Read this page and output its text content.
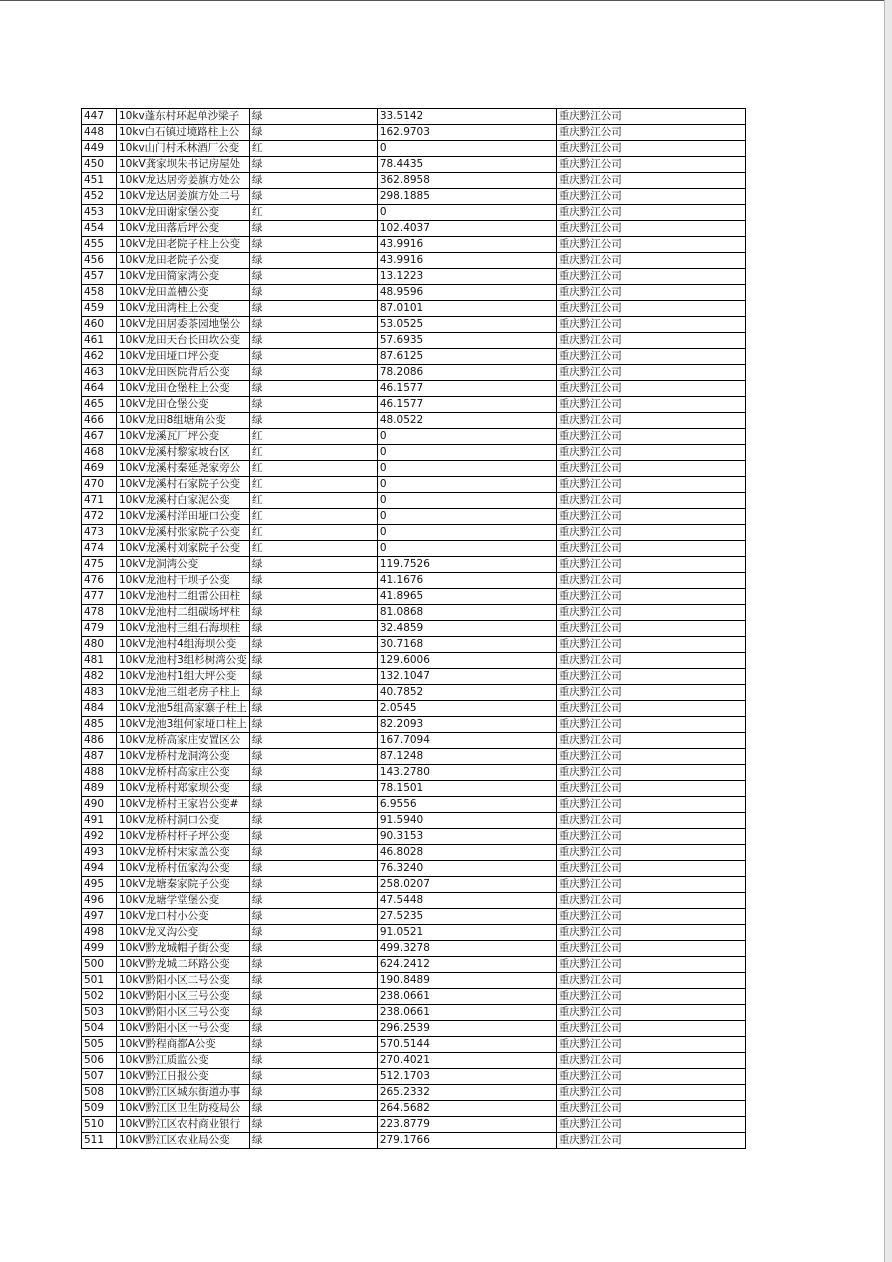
447	10kv蓬东村环起单沙梁子	绿	33.5142	重庆黔江公司
448	10kv白石镇过境路柱上公	绿	162.9703	重庆黔江公司
449	10kv山门村禾林酒厂公变	红	0	重庆黔江公司
450	10kV龚家坝朱书记房屋处	绿	78.4435	重庆黔江公司
451	10kV龙达居旁姜旗方处公	绿	362.8958	重庆黔江公司
452	10kV龙达居姜旗方处二号	绿	298.1885	重庆黔江公司
453	10kV龙田谢家堡公变	红	0	重庆黔江公司
454	10kV龙田落后坪公变	绿	102.4037	重庆黔江公司
455	10kV龙田老院子柱上公变	绿	43.9916	重庆黔江公司
456	10kV龙田老院子公变	绿	43.9916	重庆黔江公司
457	10kV龙田简家湾公变	绿	13.1223	重庆黔江公司
458	10kV龙田盖槽公变	绿	48.9596	重庆黔江公司
459	10kV龙田湾柱上公变	绿	87.0101	重庆黔江公司
460	10kV龙田居委茶园地堡公	绿	53.0525	重庆黔江公司
461	10kV龙田天台长田坎公变	绿	57.6935	重庆黔江公司
462	10kV龙田垭口坪公变	绿	87.6125	重庆黔江公司
463	10kV龙田医院背后公变	绿	78.2086	重庆黔江公司
464	10kV龙田仓堡柱上公变	绿	46.1577	重庆黔江公司
465	10kV龙田仓堡公变	绿	46.1577	重庆黔江公司
466	10kV龙田8组塘角公变	绿	48.0522	重庆黔江公司
467	10kV龙溪瓦厂坪公变	红	0	重庆黔江公司
468	10kV龙溪村黎家坡台区	红	0	重庆黔江公司
469	10kV龙溪村秦延尧家旁公	红	0	重庆黔江公司
470	10kV龙溪村石家院子公变	红	0	重庆黔江公司
471	10kV龙溪村白家泥公变	红	0	重庆黔江公司
472	10kV龙溪村洋田垭口公变	红	0	重庆黔江公司
473	10kV龙溪村张家院子公变	红	0	重庆黔江公司
474	10kV龙溪村刘家院子公变	红	0	重庆黔江公司
475	10kV龙洞湾公变	绿	119.7526	重庆黔江公司
476	10kV龙池村干坝子公变	绿	41.1676	重庆黔江公司
477	10kV龙池村二组雷公田柱	绿	41.8965	重庆黔江公司
478	10kV龙池村二组碳场坪柱	绿	81.0868	重庆黔江公司
479	10kV龙池村三组石海坝柱	绿	32.4859	重庆黔江公司
480	10kV龙池村4组海坝公变	绿	30.7168	重庆黔江公司
481	10kV龙池村3组杉树湾公变	绿	129.6006	重庆黔江公司
482	10kV龙池村1组大坪公变	绿	132.1047	重庆黔江公司
483	10kV龙池三组老房子柱上	绿	40.7852	重庆黔江公司
484	10kV龙池5组高家寨子柱上	绿	2.0545	重庆黔江公司
485	10kV龙池3组何家垭口柱上	绿	82.2093	重庆黔江公司
486	10kV龙桥高家庄安置区公	绿	167.7094	重庆黔江公司
487	10kV龙桥村龙洞湾公变	绿	87.1248	重庆黔江公司
488	10kV龙桥村高家庄公变	绿	143.2780	重庆黔江公司
489	10kV龙桥村郑家坝公变	绿	78.1501	重庆黔江公司
490	10kV龙桥村王家岩公变#	绿	6.9556	重庆黔江公司
491	10kV龙桥村洞口公变	绿	91.5940	重庆黔江公司
492	10kV龙桥村杆子坪公变	绿	90.3153	重庆黔江公司
493	10kV龙桥村宋家盖公变	绿	46.8028	重庆黔江公司
494	10kV龙桥村伍家沟公变	绿	76.3240	重庆黔江公司
495	10kV龙塘秦家院子公变	绿	258.0207	重庆黔江公司
496	10kV龙塘学堂堡公变	绿	47.5448	重庆黔江公司
497	10kV龙口村小公变	绿	27.5235	重庆黔江公司
498	10kV龙叉沟公变	绿	91.0521	重庆黔江公司
499	10kV黔龙城帽子街公变	绿	499.3278	重庆黔江公司
500	10kV黔龙城二环路公变	绿	624.2412	重庆黔江公司
501	10kV黔阳小区二号公变	绿	190.8489	重庆黔江公司
502	10kV黔阳小区三号公变	绿	238.0661	重庆黔江公司
503	10kV黔阳小区三号公变	绿	238.0661	重庆黔江公司
504	10kV黔阳小区一号公变	绿	296.2539	重庆黔江公司
505	10kV黔程商都A公变	绿	570.5144	重庆黔江公司
506	10kV黔江质监公变	绿	270.4021	重庆黔江公司
507	10kV黔江日报公变	绿	512.1703	重庆黔江公司
508	10kV黔江区城东街道办事	绿	265.2332	重庆黔江公司
509	10kV黔江区卫生防疫局公	绿	264.5682	重庆黔江公司
510	10kV黔江区农村商业银行	绿	223.8779	重庆黔江公司
511	10kV黔江区农业局公变	绿	279.1766	重庆黔江公司
